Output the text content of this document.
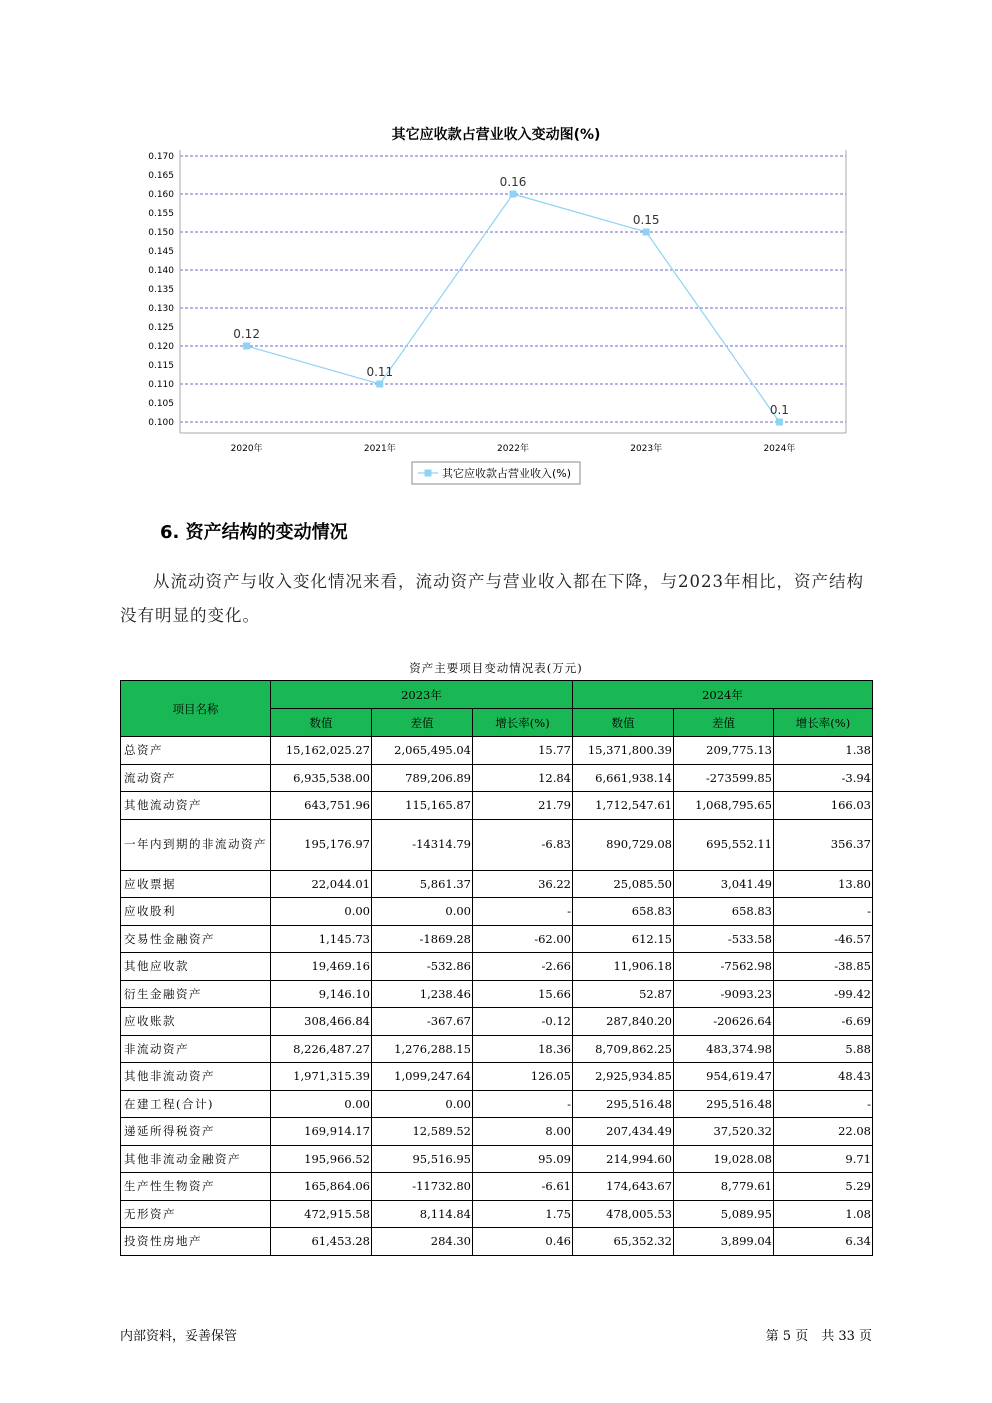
其它应收款占营业收入变动图(%)
0.100
0.105
0.110
0.115
0.120
0.125
0.130
0.135
0.140
0.145
0.150
0.155
0.160
0.165
0.170
2020年	2021年	2022年	2023年	2024年
0.12
0.11
0.16
0.15
0.1
其它应收款占营业收入(%)
6. 资产结构的变动情况
从流动资产与收入变化情况来看，流动资产与营业收入都在下降，与2023年相比，资产结构没有明显的变化。
资产主要项目变动情况表(万元)
项目名称	2023年			2024年		
	数值	差值	增长率(%)	数值	差值	增长率(%)
总资产	15,162,025.27	2,065,495.04	15.77	15,371,800.39	209,775.13	1.38
流动资产	6,935,538.00	789,206.89	12.84	6,661,938.14	-273599.85	-3.94
其他流动资产	643,751.96	115,165.87	21.79	1,712,547.61	1,068,795.65	166.03
一年内到期的非流动资产	195,176.97	-14314.79	-6.83	890,729.08	695,552.11	356.37
应收票据	22,044.01	5,861.37	36.22	25,085.50	3,041.49	13.80
应收股利	0.00	0.00	-	658.83	658.83	-
交易性金融资产	1,145.73	-1869.28	-62.00	612.15	-533.58	-46.57
其他应收款	19,469.16	-532.86	-2.66	11,906.18	-7562.98	-38.85
衍生金融资产	9,146.10	1,238.46	15.66	52.87	-9093.23	-99.42
应收账款	308,466.84	-367.67	-0.12	287,840.20	-20626.64	-6.69
非流动资产	8,226,487.27	1,276,288.15	18.36	8,709,862.25	483,374.98	5.88
其他非流动资产	1,971,315.39	1,099,247.64	126.05	2,925,934.85	954,619.47	48.43
在建工程(合计)	0.00	0.00	-	295,516.48	295,516.48	-
递延所得税资产	169,914.17	12,589.52	8.00	207,434.49	37,520.32	22.08
其他非流动金融资产	195,966.52	95,516.95	95.09	214,994.60	19,028.08	9.71
生产性生物资产	165,864.06	-11732.80	-6.61	174,643.67	8,779.61	5.29
无形资产	472,915.58	8,114.84	1.75	478,005.53	5,089.95	1.08
投资性房地产	61,453.28	284.30	0.46	65,352.32	3,899.04	6.34
内部资料，妥善保管	第 5 页　共 33 页
